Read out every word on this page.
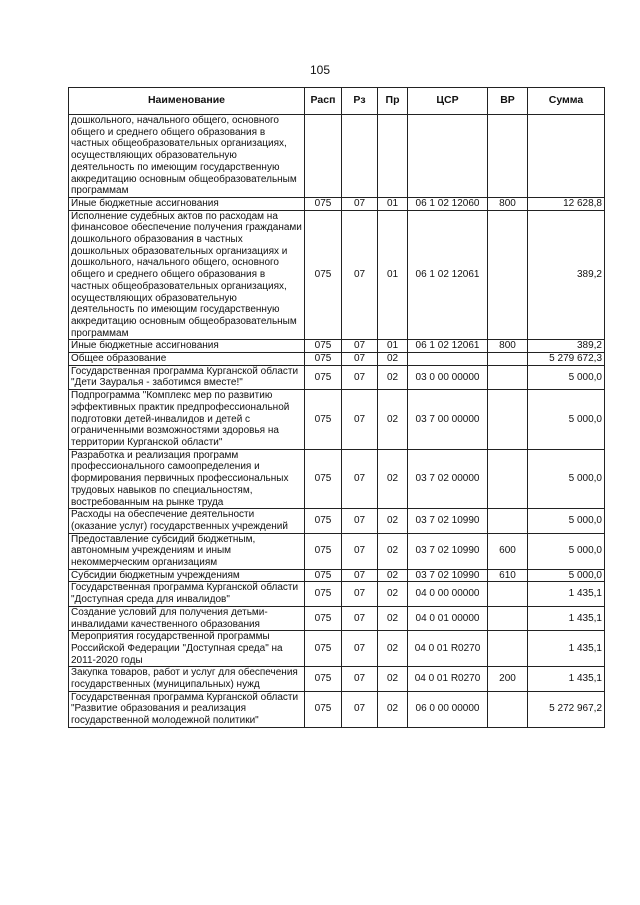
105
Наименование	Расп	Рз	Пр	ЦСР	ВР	Сумма
дошкольного, начального общего, основного общего и среднего общего образования в частных общеобразовательных организациях, осуществляющих образовательную деятельность по имеющим государственную аккредитацию основным общеобразовательным программам						
Иные бюджетные ассигнования	075	07	01	06 1 02 12060	800	12 628,8
Исполнение судебных актов по расходам на финансовое обеспечение получения гражданами дошкольного образования в частных дошкольных образовательных организациях и дошкольного, начального общего, основного общего и среднего общего образования в частных общеобразовательных организациях, осуществляющих образовательную деятельность по имеющим государственную аккредитацию основным общеобразовательным программам	075	07	01	06 1 02 12061		389,2
Иные бюджетные ассигнования	075	07	01	06 1 02 12061	800	389,2
Общее образование	075	07	02			5 279 672,3
Государственная программа Курганской области "Дети Зауралья - заботимся вместе!"	075	07	02	03 0 00 00000		5 000,0
Подпрограмма "Комплекс мер по развитию эффективных практик предпрофессиональной подготовки детей-инвалидов и детей с ограниченными возможностями здоровья на территории Курганской области"	075	07	02	03 7 00 00000		5 000,0
Разработка и реализация программ профессионального самоопределения и формирования первичных профессиональных трудовых навыков по специальностям, востребованным на рынке труда	075	07	02	03 7 02 00000		5 000,0
Расходы на обеспечение деятельности (оказание услуг) государственных учреждений	075	07	02	03 7 02 10990		5 000,0
Предоставление субсидий бюджетным, автономным учреждениям и иным некоммерческим организациям	075	07	02	03 7 02 10990	600	5 000,0
Субсидии бюджетным учреждениям	075	07	02	03 7 02 10990	610	5 000,0
Государственная программа Курганской области "Доступная среда для инвалидов"	075	07	02	04 0 00 00000		1 435,1
Создание условий для получения детьми-инвалидами качественного образования	075	07	02	04 0 01 00000		1 435,1
Мероприятия государственной программы Российской Федерации "Доступная среда" на 2011-2020 годы	075	07	02	04 0 01 R0270		1 435,1
Закупка товаров, работ и услуг для обеспечения государственных (муниципальных) нужд	075	07	02	04 0 01 R0270	200	1 435,1
Государственная программа Курганской области "Развитие образования и реализация государственной молодежной политики"	075	07	02	06 0 00 00000		5 272 967,2
